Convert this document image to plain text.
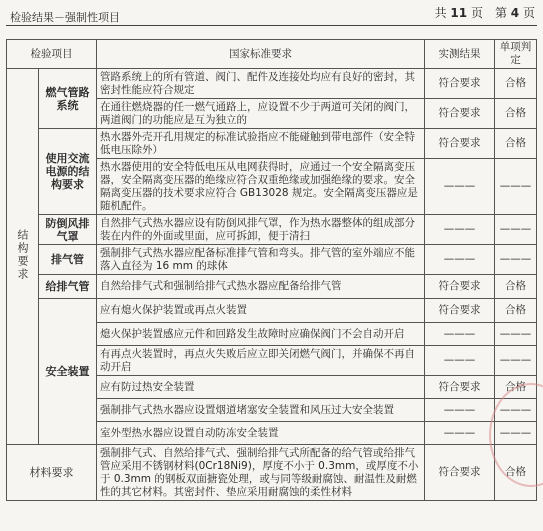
检验结果－强制性项目	共 11 页　第 4 页
检验项目		国家标准要求	实测结果	单项判定
结构要求	燃气管路系统	管路系统上的所有管道、阀门、配件及连接处均应有良好的密封，其密封性能应符合规定	符合要求	合格
		在通往燃烧器的任一燃气通路上，应设置不少于两道可关闭的阀门，两道阀门的功能应是互为独立的	符合要求	合格
	使用交流电源的结构要求	热水器外壳开孔用规定的标准试验指应不能碰触到带电部件（安全特低电压除外）	符合要求	合格
		热水器使用的安全特低电压从电网获得时，应通过一个安全隔离变压器，安全隔离变压器的绝缘应符合双重绝缘或加强绝缘的要求。安全隔离变压器的技术要求应符合 GB13028 规定。安全隔离变压器应是随机配件。	———	———
	防倒风排气罩	自然排气式热水器应设有防倒风排气罩，作为热水器整体的组成部分装在内件的外面或里面，应可拆卸，便于清扫	———	———
	排气管	强制排气式热水器应配备标准排气管和弯头。排气管的室外端应不能落入直径为 16 mm 的球体	———	———
	给排气管	自然给排气式和强制给排气式热水器应配备给排气管	符合要求	合格
	安全装置	应有熄火保护装置或再点火装置	符合要求	合格
		熄火保护装置感应元件和回路发生故障时应确保阀门不会自动开启	———	———
		有再点火装置时，再点火失败后应立即关闭燃气阀门，并确保不再自动开启	———	———
		应有防过热安全装置	符合要求	合格
		强制排气式热水器应设置烟道堵塞安全装置和风压过大安全装置	———	———
		室外型热水器应设置自动防冻安全装置	———	———
材料要求		强制排气式、自然给排气式、强制给排气式所配备的给气管或给排气管应采用不锈钢材料(0Cr18Ni9)，厚度不小于 0.3mm，或厚度不小于 0.3mm 的钢板双面搪瓷处理，或与同等级耐腐蚀、耐温性及耐燃性的其它材料。其密封件、垫应采用耐腐蚀的柔性材料	符合要求	合格
